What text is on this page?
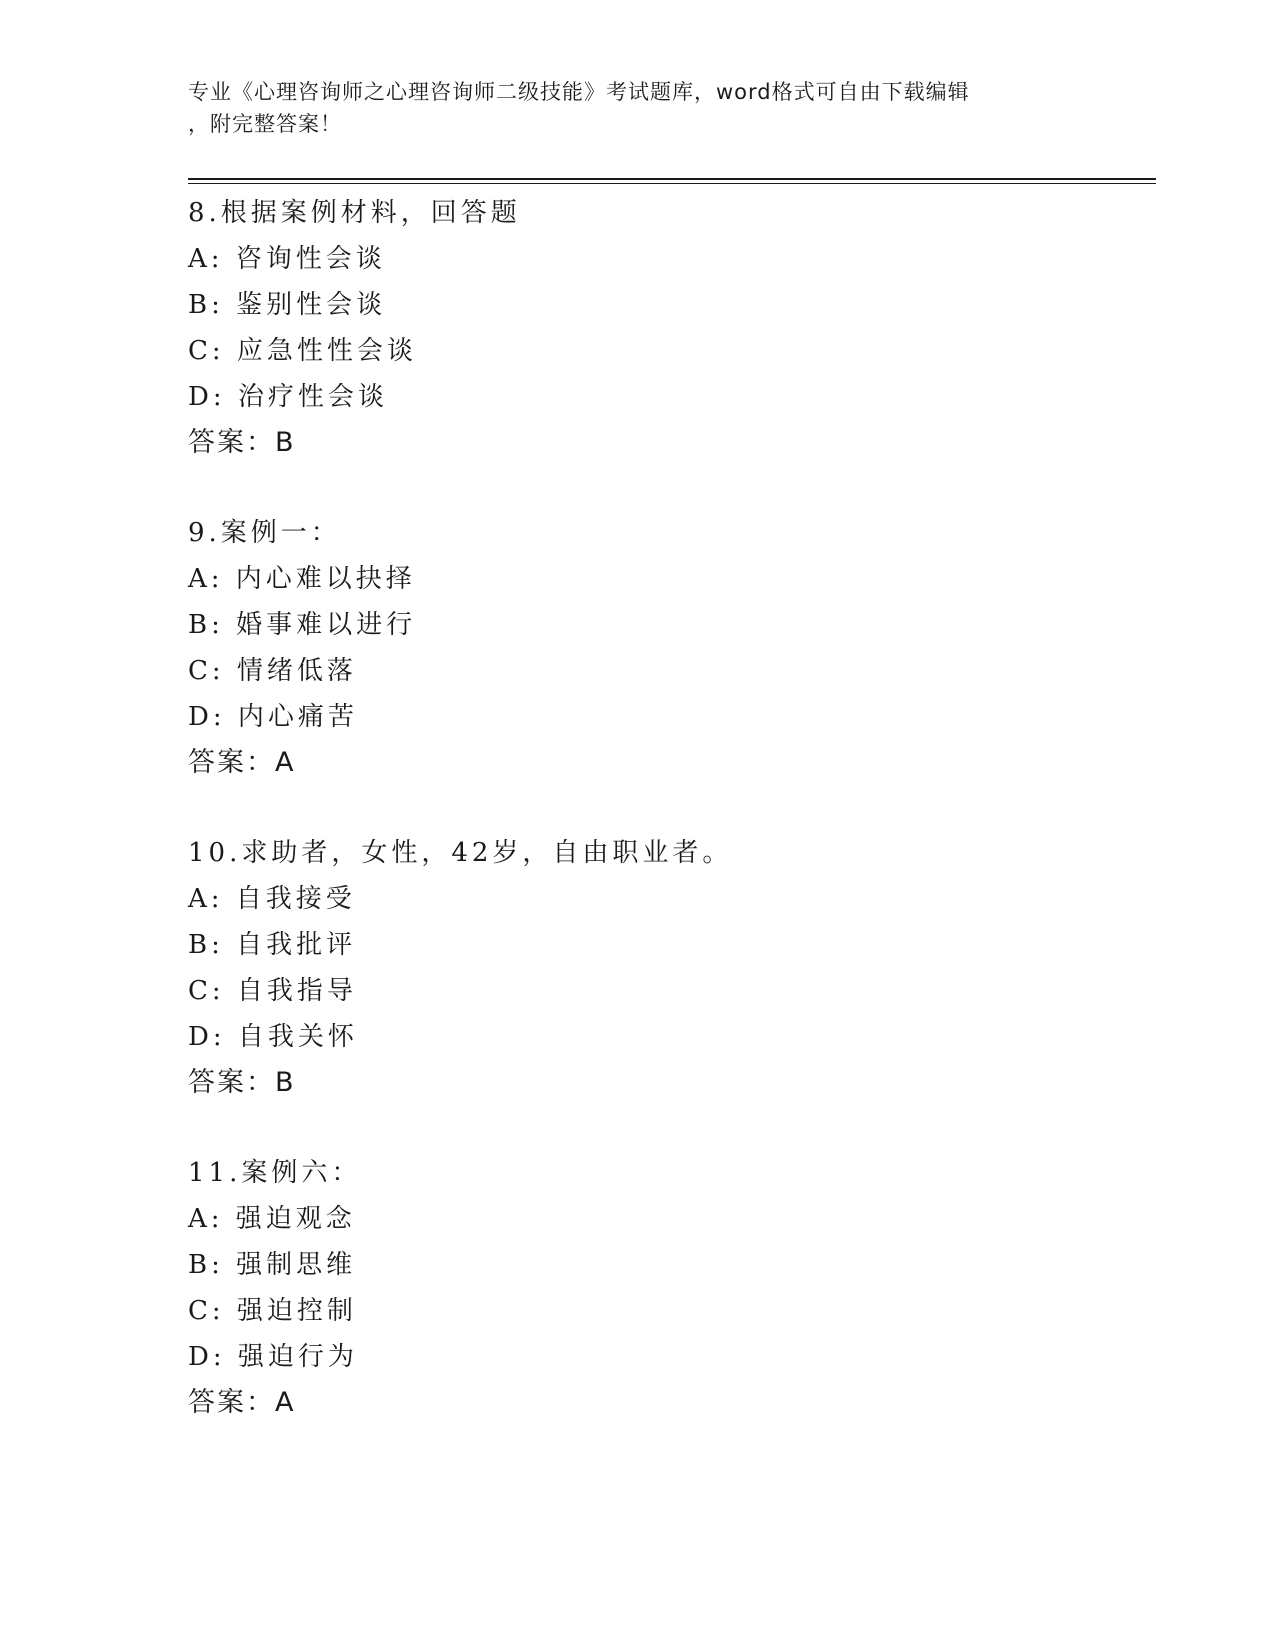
专业《心理咨询师之心理咨询师二级技能》考试题库，word格式可自由下载编辑
，附完整答案！
8.根据案例材料，回答题
A: 咨询性会谈
B: 鉴别性会谈
C: 应急性性会谈
D: 治疗性会谈
答案：B
9.案例一：
A: 内心难以抉择
B: 婚事难以进行
C: 情绪低落
D: 内心痛苦
答案：A
10.求助者，女性，42岁，自由职业者。
A: 自我接受
B: 自我批评
C: 自我指导
D: 自我关怀
答案：B
11.案例六：
A: 强迫观念
B: 强制思维
C: 强迫控制
D: 强迫行为
答案：A
